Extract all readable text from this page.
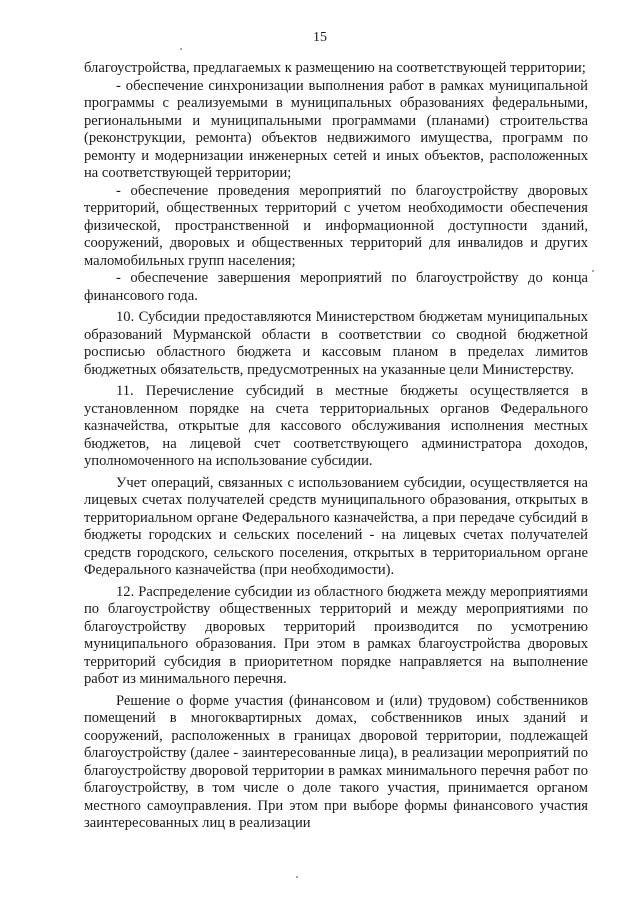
15

благоустройства, предлагаемых к размещению на соответствующей территории;

- обеспечение синхронизации выполнения работ в рамках муниципальной программы с реализуемыми в муниципальных образованиях федеральными, региональными и муниципальными программами (планами) строительства (реконструкции, ремонта) объектов недвижимого имущества, программ по ремонту и модернизации инженерных сетей и иных объектов, расположенных на соответствующей территории;

- обеспечение проведения мероприятий по благоустройству дворовых территорий, общественных территорий с учетом необходимости обеспечения физической, пространственной и информационной доступности зданий, сооружений, дворовых и общественных территорий для инвалидов и других маломобильных групп населения;

- обеспечение завершения мероприятий по благоустройству до конца финансового года.

10. Субсидии предоставляются Министерством бюджетам муниципальных образований Мурманской области в соответствии со сводной бюджетной росписью областного бюджета и кассовым планом в пределах лимитов бюджетных обязательств, предусмотренных на указанные цели Министерству.

11. Перечисление субсидий в местные бюджеты осуществляется в установленном порядке на счета территориальных органов Федерального казначейства, открытые для кассового обслуживания исполнения местных бюджетов, на лицевой счет соответствующего администратора доходов, уполномоченного на использование субсидии.

Учет операций, связанных с использованием субсидии, осуществляется на лицевых счетах получателей средств муниципального образования, открытых в территориальном органе Федерального казначейства, а при передаче субсидий в бюджеты городских и сельских поселений - на лицевых счетах получателей средств городского, сельского поселения, открытых в территориальном органе Федерального казначейства (при необходимости).

12. Распределение субсидии из областного бюджета между мероприятиями по благоустройству общественных территорий и между мероприятиями по благоустройству дворовых территорий производится по усмотрению муниципального образования. При этом в рамках благоустройства дворовых территорий субсидия в приоритетном порядке направляется на выполнение работ из минимального перечня.

Решение о форме участия (финансовом и (или) трудовом) собственников помещений в многоквартирных домах, собственников иных зданий и сооружений, расположенных в границах дворовой территории, подлежащей благоустройству (далее - заинтересованные лица), в реализации мероприятий по благоустройству дворовой территории в рамках минимального перечня работ по благоустройству, в том числе о доле такого участия, принимается органом местного самоуправления. При этом при выборе формы финансового участия заинтересованных лиц в реализации
